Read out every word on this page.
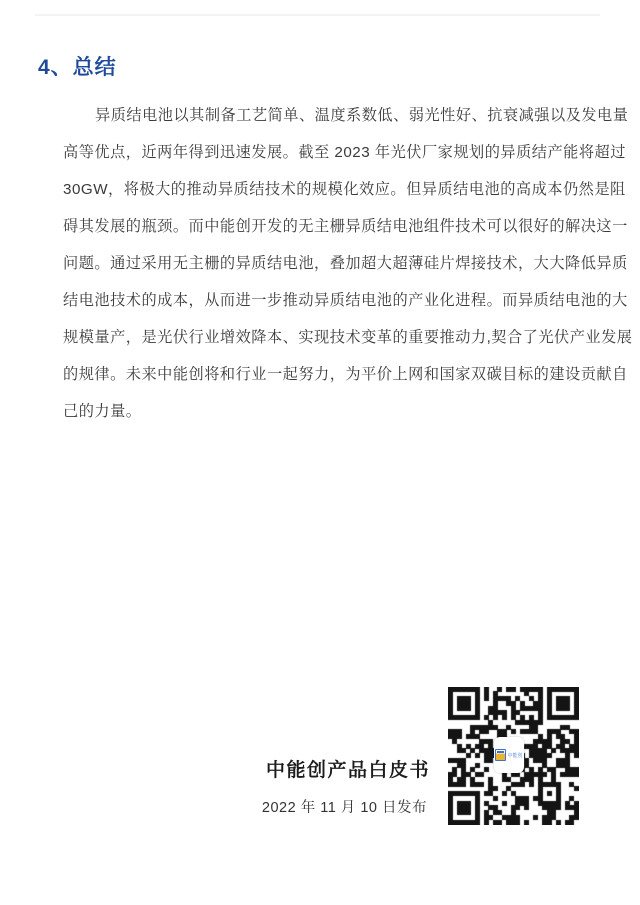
4、总结
异质结电池以其制备工艺简单、温度系数低、弱光性好、抗衰减强以及发电量
高等优点，近两年得到迅速发展。截至 2023 年光伏厂家规划的异质结产能将超过
30GW，将极大的推动异质结技术的规模化效应。但异质结电池的高成本仍然是阻
碍其发展的瓶颈。而中能创开发的无主栅异质结电池组件技术可以很好的解决这一
问题。通过采用无主栅的异质结电池，叠加超大超薄硅片焊接技术，大大降低异质
结电池技术的成本，从而进一步推动异质结电池的产业化进程。而异质结电池的大
规模量产，是光伏行业增效降本、实现技术变革的重要推动力,契合了光伏产业发展
的规律。未来中能创将和行业一起努力，为平价上网和国家双碳目标的建设贡献自
己的力量。
中能创产品白皮书
2022 年 11 月 10 日发布
中能创
